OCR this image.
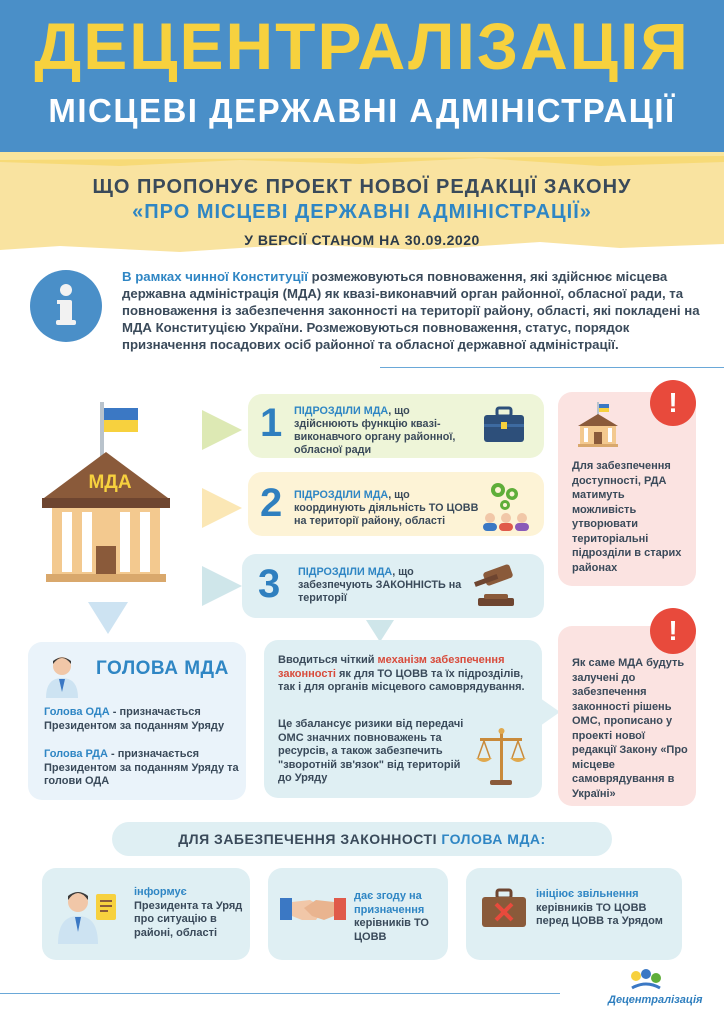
ДЕЦЕНТРАЛІЗАЦІЯ
МІСЦЕВІ ДЕРЖАВНІ АДМІНІСТРАЦІЇ
ЩО ПРОПОНУЄ ПРОЕКТ НОВОЇ РЕДАКЦІЇ ЗАКОНУ
«ПРО МІСЦЕВІ ДЕРЖАВНІ АДМІНІСТРАЦІЇ»
У ВЕРСІЇ СТАНОМ НА 30.09.2020
В рамках чинної Конституції розмежовуються повноваження, які здійснює місцева державна адміністрація (МДА) як квазі-виконавчий орган районної, обласної ради, та повноваження із забезпечення законності на території району, області, які покладені на МДА Конституцією України. Розмежовуються повноваження, статус, порядок призначення посадових осіб районної та обласної державної адміністрації.
МДА
1 ПІДРОЗДІЛИ МДА, що здійснюють функцію квазі-виконавчого органу районної, обласної ради
2 ПІДРОЗДІЛИ МДА, що координують діяльність ТО ЦОВВ на території району, області
3 ПІДРОЗДІЛИ МДА, що забезпечують ЗАКОННІСТЬ на території
!
Для забезпечення доступності, РДА матимуть можливість утворювати територіальні підрозділи в старих районах
!
Як саме МДА будуть залучені до забезпечення законності рішень ОМС, прописано у проекті нової редакції Закону «Про місцеве самоврядування в Україні»
ГОЛОВА МДА
Голова ОДА - призначається Президентом за поданням Уряду
Голова РДА - призначається Президентом за поданням Уряду та голови ОДА
Вводиться чіткий механізм забезпечення законності як для ТО ЦОВВ та їх підрозділів, так і для органів місцевого самоврядування.
Це збалансує ризики від передачі ОМС значних повноважень та ресурсів, а також забезпечить "зворотній зв'язок" від територій до Уряду
ДЛЯ ЗАБЕЗПЕЧЕННЯ ЗАКОННОСТІ ГОЛОВА МДА:
інформує
Президента та Уряд про ситуацію в районі, області
дає згоду на призначення
керівників ТО ЦОВВ
ініціює звільнення
керівників ТО ЦОВВ перед ЦОВВ та Урядом
Децентралізація
